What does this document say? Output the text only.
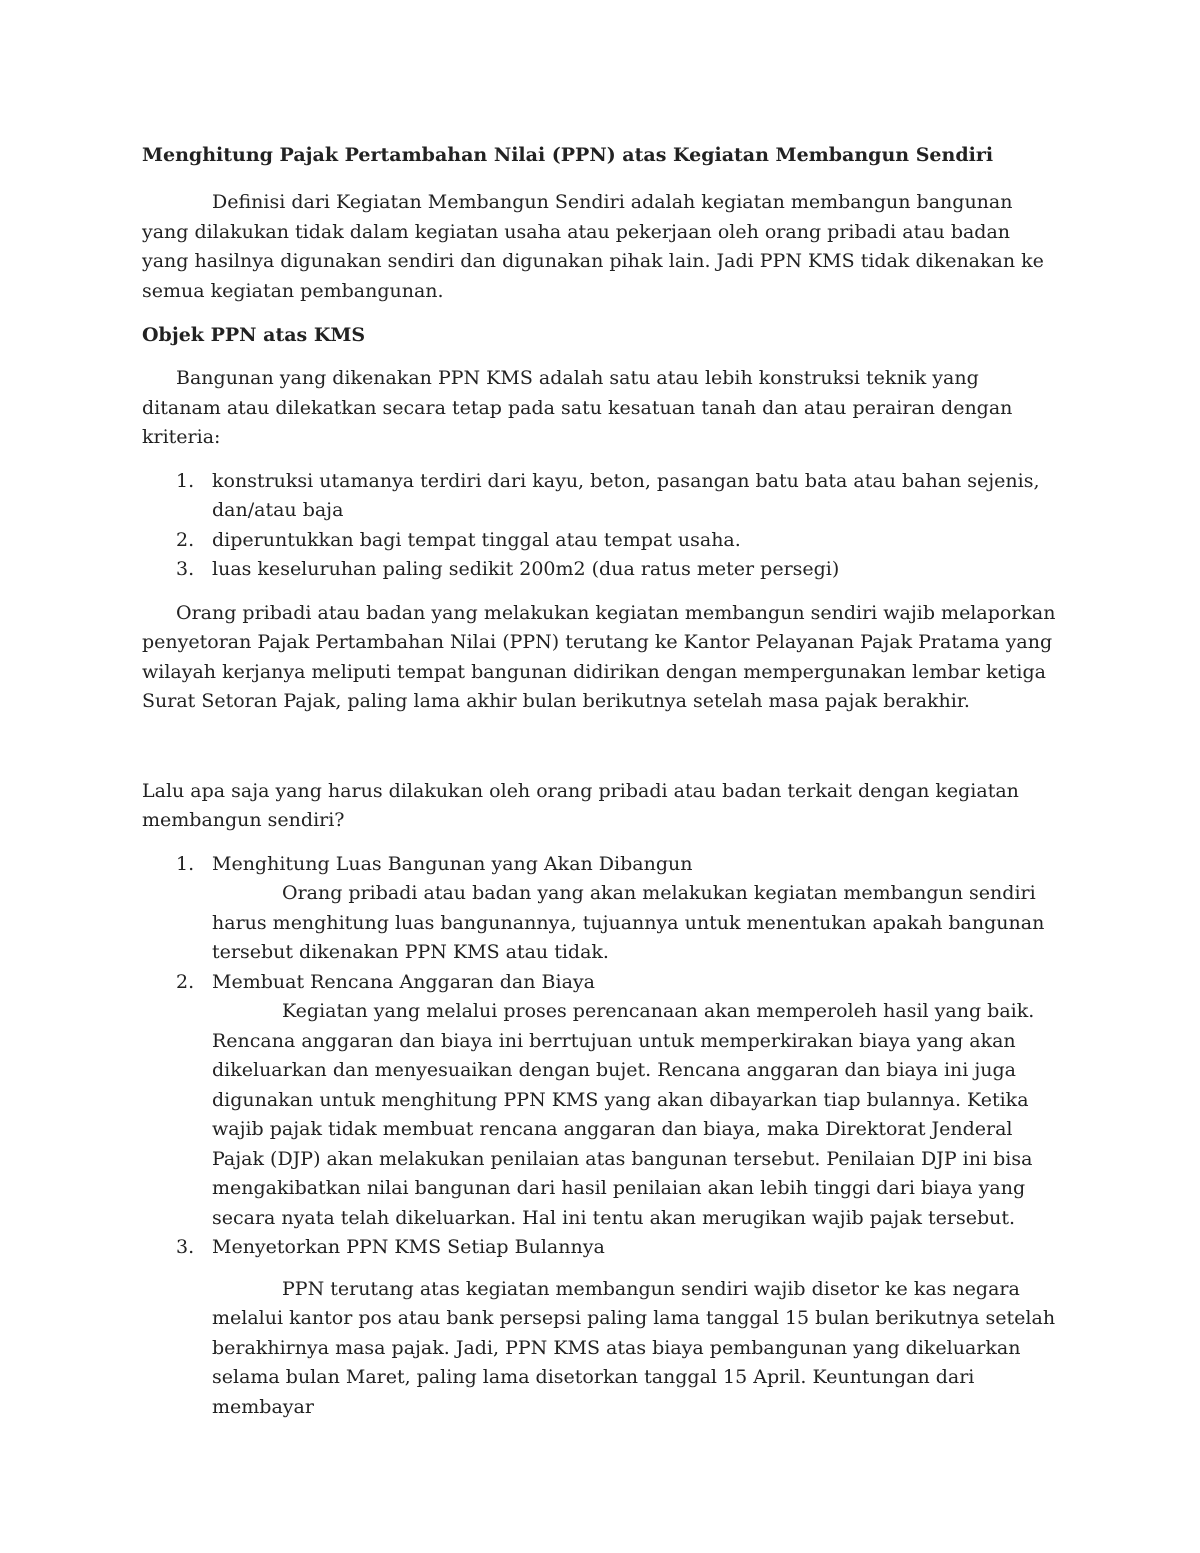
Menghitung Pajak Pertambahan Nilai (PPN) atas Kegiatan Membangun Sendiri

Definisi dari Kegiatan Membangun Sendiri adalah kegiatan membangun bangunan yang dilakukan tidak dalam kegiatan usaha atau pekerjaan oleh orang pribadi atau badan yang hasilnya digunakan sendiri dan digunakan pihak lain. Jadi PPN KMS tidak dikenakan ke semua kegiatan pembangunan.

Objek PPN atas KMS

Bangunan yang dikenakan PPN KMS adalah satu atau lebih konstruksi teknik yang ditanam atau dilekatkan secara tetap pada satu kesatuan tanah dan atau perairan dengan kriteria:

1. konstruksi utamanya terdiri dari kayu, beton, pasangan batu bata atau bahan sejenis, dan/atau baja
2. diperuntukkan bagi tempat tinggal atau tempat usaha.
3. luas keseluruhan paling sedikit 200m2 (dua ratus meter persegi)

Orang pribadi atau badan yang melakukan kegiatan membangun sendiri wajib melaporkan penyetoran Pajak Pertambahan Nilai (PPN) terutang ke Kantor Pelayanan Pajak Pratama yang wilayah kerjanya meliputi tempat bangunan didirikan dengan mempergunakan lembar ketiga Surat Setoran Pajak, paling lama akhir bulan berikutnya setelah masa pajak berakhir.

Lalu apa saja yang harus dilakukan oleh orang pribadi atau badan terkait dengan kegiatan membangun sendiri?

1. Menghitung Luas Bangunan yang Akan Dibangun

Orang pribadi atau badan yang akan melakukan kegiatan membangun sendiri harus menghitung luas bangunannya, tujuannya untuk menentukan apakah bangunan tersebut dikenakan PPN KMS atau tidak.

2. Membuat Rencana Anggaran dan Biaya

Kegiatan yang melalui proses perencanaan akan memperoleh hasil yang baik. Rencana anggaran dan biaya ini berrtujuan untuk memperkirakan biaya yang akan dikeluarkan dan menyesuaikan dengan bujet. Rencana anggaran dan biaya ini juga digunakan untuk menghitung PPN KMS yang akan dibayarkan tiap bulannya. Ketika wajib pajak tidak membuat rencana anggaran dan biaya, maka Direktorat Jenderal Pajak (DJP) akan melakukan penilaian atas bangunan tersebut. Penilaian DJP ini bisa mengakibatkan nilai bangunan dari hasil penilaian akan lebih tinggi dari biaya yang secara nyata telah dikeluarkan. Hal ini tentu akan merugikan wajib pajak tersebut.

3. Menyetorkan PPN KMS Setiap Bulannya

PPN terutang atas kegiatan membangun sendiri wajib disetor ke kas negara melalui kantor pos atau bank persepsi paling lama tanggal 15 bulan berikutnya setelah berakhirnya masa pajak. Jadi, PPN KMS atas biaya pembangunan yang dikeluarkan selama bulan Maret, paling lama disetorkan tanggal 15 April. Keuntungan dari membayar
